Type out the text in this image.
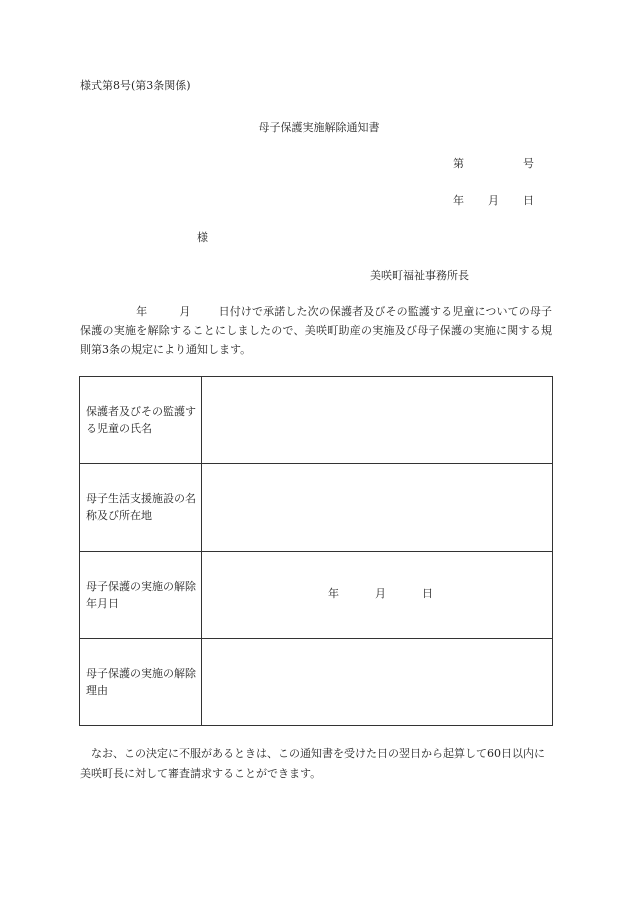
様式第8号(第3条関係)
母子保護実施解除通知書
第	号
年 月 日
様
美咲町福祉事務所長
年	月	日付けで承諾した次の保護者及びその監護する児童についての母子保護の実施を解除することにしましたので、美咲町助産の実施及び母子保護の実施に関する規則第3条の規定により通知します。
保護者及びその監護する児童の氏名	
母子生活支援施設の名称及び所在地	
母子保護の実施の解除年月日	年 月 日

母子保護の実施の解除理由	
　なお、この決定に不服があるときは、この通知書を受けた日の翌日から起算して60日以内に美咲町長に対して審査請求することができます。
